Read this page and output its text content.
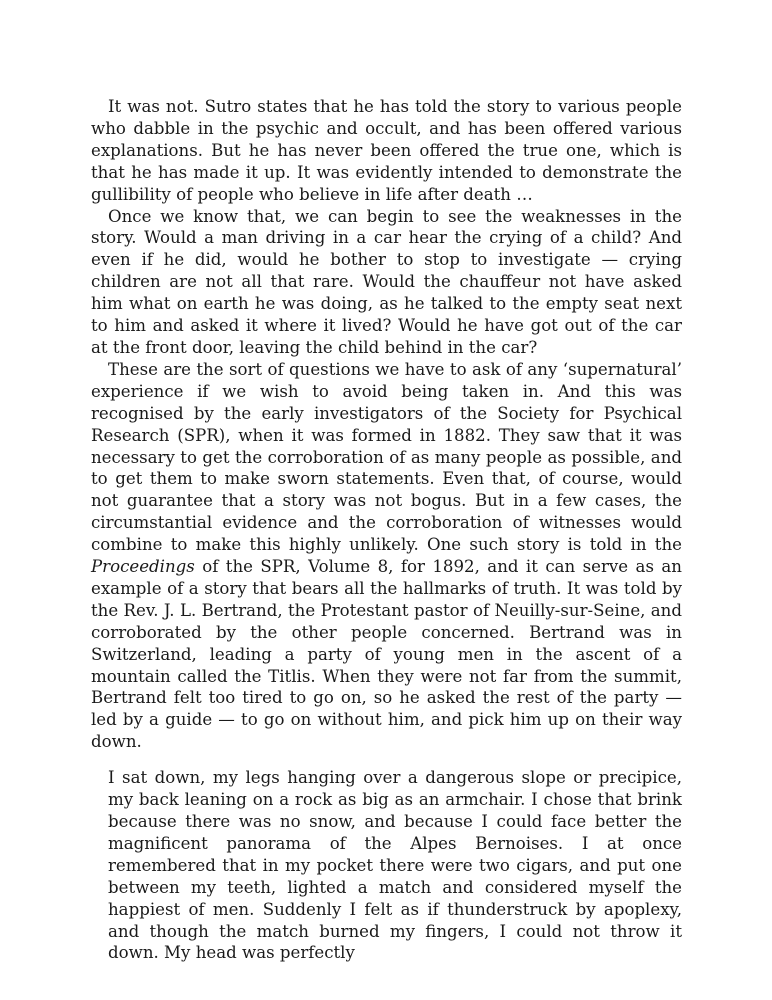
It was not. Sutro states that he has told the story to various people who dabble in the psychic and occult, and has been offered various explanations. But he has never been offered the true one, which is that he has made it up. It was evidently intended to demonstrate the gullibility of people who believe in life after death …

Once we know that, we can begin to see the weaknesses in the story. Would a man driving in a car hear the crying of a child? And even if he did, would he bother to stop to investigate — crying children are not all that rare. Would the chauffeur not have asked him what on earth he was doing, as he talked to the empty seat next to him and asked it where it lived? Would he have got out of the car at the front door, leaving the child behind in the car?

These are the sort of questions we have to ask of any ‘supernatural’ experience if we wish to avoid being taken in. And this was recognised by the early investigators of the Society for Psychical Research (SPR), when it was formed in 1882. They saw that it was necessary to get the corroboration of as many people as possible, and to get them to make sworn statements. Even that, of course, would not guarantee that a story was not bogus. But in a few cases, the circumstantial evidence and the corroboration of witnesses would combine to make this highly unlikely. One such story is told in the Proceedings of the SPR, Volume 8, for 1892, and it can serve as an example of a story that bears all the hallmarks of truth. It was told by the Rev. J. L. Bertrand, the Protestant pastor of Neuilly-sur-Seine, and corroborated by the other people concerned. Bertrand was in Switzerland, leading a party of young men in the ascent of a mountain called the Titlis. When they were not far from the summit, Bertrand felt too tired to go on, so he asked the rest of the party — led by a guide — to go on without him, and pick him up on their way down.

I sat down, my legs hanging over a dangerous slope or precipice, my back leaning on a rock as big as an armchair. I chose that brink because there was no snow, and because I could face better the magnificent panorama of the Alpes Bernoises. I at once remembered that in my pocket there were two cigars, and put one between my teeth, lighted a match and considered myself the happiest of men. Suddenly I felt as if thunderstruck by apoplexy, and though the match burned my fingers, I could not throw it down. My head was perfectly
